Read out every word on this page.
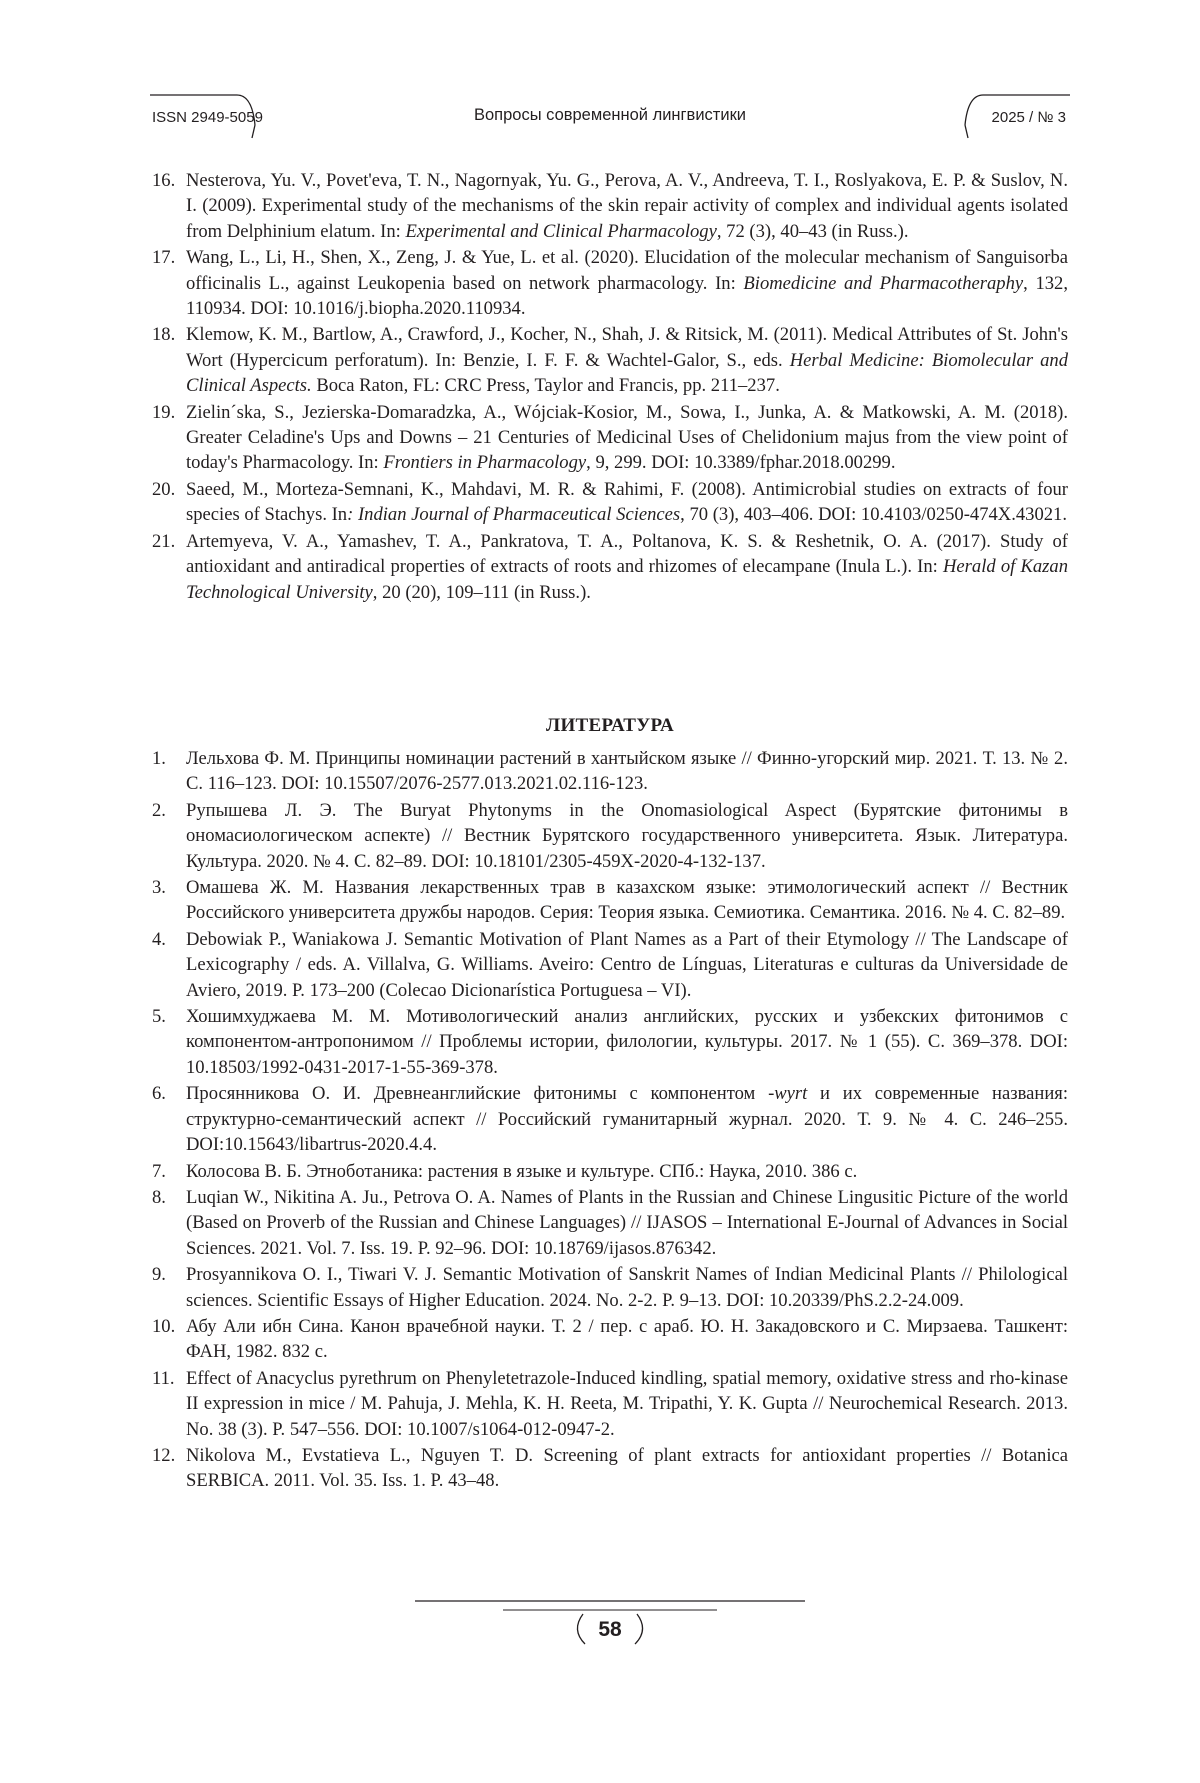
ISSN 2949-5059	Вопросы современной лингвистики	2025 / № 3
16. Nesterova, Yu. V., Povet'eva, T. N., Nagornyak, Yu. G., Perova, A. V., Andreeva, T. I., Roslyakova, E. P. & Suslov, N. I. (2009). Experimental study of the mechanisms of the skin repair activity of complex and individual agents isolated from Delphinium elatum. In: Experimental and Clinical Pharmacology, 72 (3), 40–43 (in Russ.).
17. Wang, L., Li, H., Shen, X., Zeng, J. & Yue, L. et al. (2020). Elucidation of the molecular mechanism of Sanguisorba officinalis L., against Leukopenia based on network pharmacology. In: Biomedicine and Pharmacotheraphy, 132, 110934. DOI: 10.1016/j.biopha.2020.110934.
18. Klemow, K. M., Bartlow, A., Crawford, J., Kocher, N., Shah, J. & Ritsick, M. (2011). Medical Attributes of St. John's Wort (Hypercicum perforatum). In: Benzie, I. F. F. & Wachtel-Galor, S., eds. Herbal Medicine: Biomolecular and Clinical Aspects. Boca Raton, FL: CRC Press, Taylor and Francis, pp. 211–237.
19. Zielin´ska, S., Jezierska-Domaradzka, A., Wójciak-Kosior, M., Sowa, I., Junka, A. & Matkowski, A. M. (2018). Greater Celadine's Ups and Downs – 21 Centuries of Medicinal Uses of Chelidonium majus from the view point of today's Pharmacology. In: Frontiers in Pharmacology, 9, 299. DOI: 10.3389/fphar.2018.00299.
20. Saeed, M., Morteza-Semnani, K., Mahdavi, M. R. & Rahimi, F. (2008). Antimicrobial studies on extracts of four species of Stachys. In: Indian Journal of Pharmaceutical Sciences, 70 (3), 403–406. DOI: 10.4103/0250-474X.43021.
21. Artemyeva, V. A., Yamashev, T. A., Pankratova, T. A., Poltanova, K. S. & Reshetnik, O. A. (2017). Study of antioxidant and antiradical properties of extracts of roots and rhizomes of elecampane (Inula L.). In: Herald of Kazan Technological University, 20 (20), 109–111 (in Russ.).
ЛИТЕРАТУРА
1. Лельхова Ф. М. Принципы номинации растений в хантыйском языке // Финно-угорский мир. 2021. Т. 13. № 2. С. 116–123. DOI: 10.15507/2076-2577.013.2021.02.116-123.
2. Рупышева Л. Э. The Buryat Phytonyms in the Onomasiological Aspect (Бурятские фитонимы в ономасиологическом аспекте) // Вестник Бурятского государственного университета. Язык. Литература. Культура. 2020. № 4. С. 82–89. DOI: 10.18101/2305-459X-2020-4-132-137.
3. Омашева Ж. М. Названия лекарственных трав в казахском языке: этимологический аспект // Вестник Российского университета дружбы народов. Серия: Теория языка. Семиотика. Семантика. 2016. № 4. С. 82–89.
4. Debowiak P., Waniakowa J. Semantic Motivation of Plant Names as a Part of their Etymology // The Landscape of Lexicography / eds. A. Villalva, G. Williams. Aveiro: Centro de Línguas, Literaturas e culturas da Universidade de Aviero, 2019. P. 173–200 (Colecao Dicionarística Portuguesa – VI).
5. Хошимхуджаева М. М. Мотивологический анализ английских, русских и узбекских фитонимов с компонентом-антропонимом // Проблемы истории, филологии, культуры. 2017. № 1 (55). С. 369–378. DOI: 10.18503/1992-0431-2017-1-55-369-378.
6. Просянникова О. И. Древнеанглийские фитонимы с компонентом -wyrt и их современные названия: структурно-семантический аспект // Российский гуманитарный журнал. 2020. Т. 9. № 4. С. 246–255. DOI:10.15643/libartrus-2020.4.4.
7. Колосова В. Б. Этноботаника: растения в языке и культуре. СПб.: Наука, 2010. 386 с.
8. Luqian W., Nikitina A. Ju., Petrova O. A. Names of Plants in the Russian and Chinese Lingusitic Picture of the world (Based on Proverb of the Russian and Chinese Languages) // IJASOS – International E-Journal of Advances in Social Sciences. 2021. Vol. 7. Iss. 19. P. 92–96. DOI: 10.18769/ijasos.876342.
9. Prosyannikova O. I., Tiwari V. J. Semantic Motivation of Sanskrit Names of Indian Medicinal Plants // Philological sciences. Scientific Essays of Higher Education. 2024. No. 2-2. P. 9–13. DOI: 10.20339/PhS.2.2-24.009.
10. Абу Али ибн Сина. Канон врачебной науки. Т. 2 / пер. с араб. Ю. Н. Закадовского и С. Мирзаева. Ташкент: ФАН, 1982. 832 с.
11. Effect of Anacyclus pyrethrum on Phenyletetrazole-Induced kindling, spatial memory, oxidative stress and rho-kinase II expression in mice / M. Pahuja, J. Mehla, K. H. Reeta, M. Tripathi, Y. K. Gupta // Neurochemical Research. 2013. No. 38 (3). P. 547–556. DOI: 10.1007/s1064-012-0947-2.
12. Nikolova M., Evstatieva L., Nguyen T. D. Screening of plant extracts for antioxidant properties // Botanica SERBICA. 2011. Vol. 35. Iss. 1. P. 43–48.
58
